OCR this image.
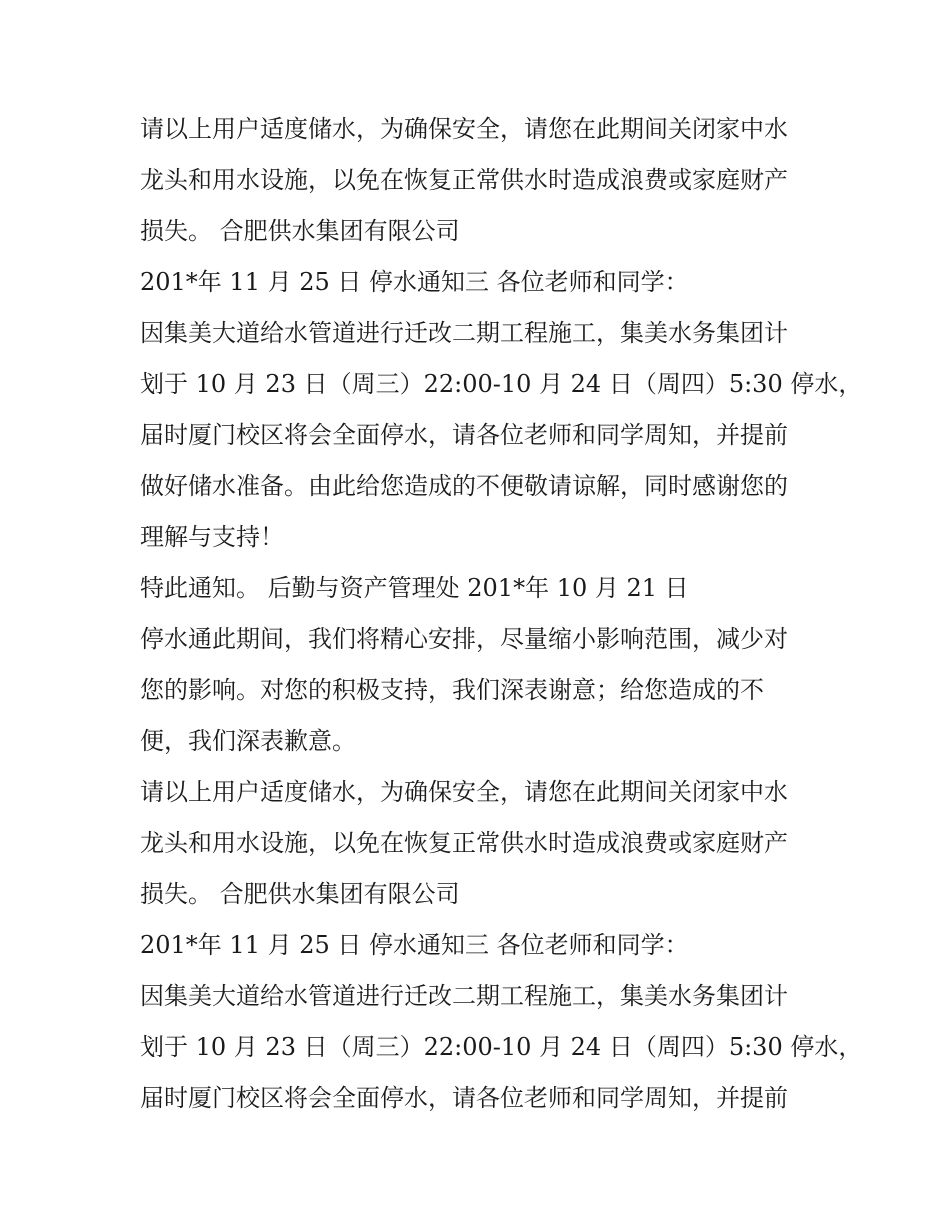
请以上用户适度储水，为确保安全，请您在此期间关闭家中水
龙头和用水设施，以免在恢复正常供水时造成浪费或家庭财产
损失。 合肥供水集团有限公司

201*年 11 月 25 日 停水通知三 各位老师和同学：

因集美大道给水管道进行迁改二期工程施工，集美水务集团计
划于 10 月 23 日（周三）22:00-10 月 24 日（周四）5:30 停水，
届时厦门校区将会全面停水，请各位老师和同学周知，并提前
做好储水准备。由此给您造成的不便敬请谅解，同时感谢您的
理解与支持！

特此通知。 后勤与资产管理处 201*年 10 月 21 日

停水通此期间，我们将精心安排，尽量缩小影响范围，减少对
您的影响。对您的积极支持，我们深表谢意；给您造成的不
便，我们深表歉意。

请以上用户适度储水，为确保安全，请您在此期间关闭家中水
龙头和用水设施，以免在恢复正常供水时造成浪费或家庭财产
损失。 合肥供水集团有限公司

201*年 11 月 25 日 停水通知三 各位老师和同学：

因集美大道给水管道进行迁改二期工程施工，集美水务集团计
划于 10 月 23 日（周三）22:00-10 月 24 日（周四）5:30 停水，
届时厦门校区将会全面停水，请各位老师和同学周知，并提前
